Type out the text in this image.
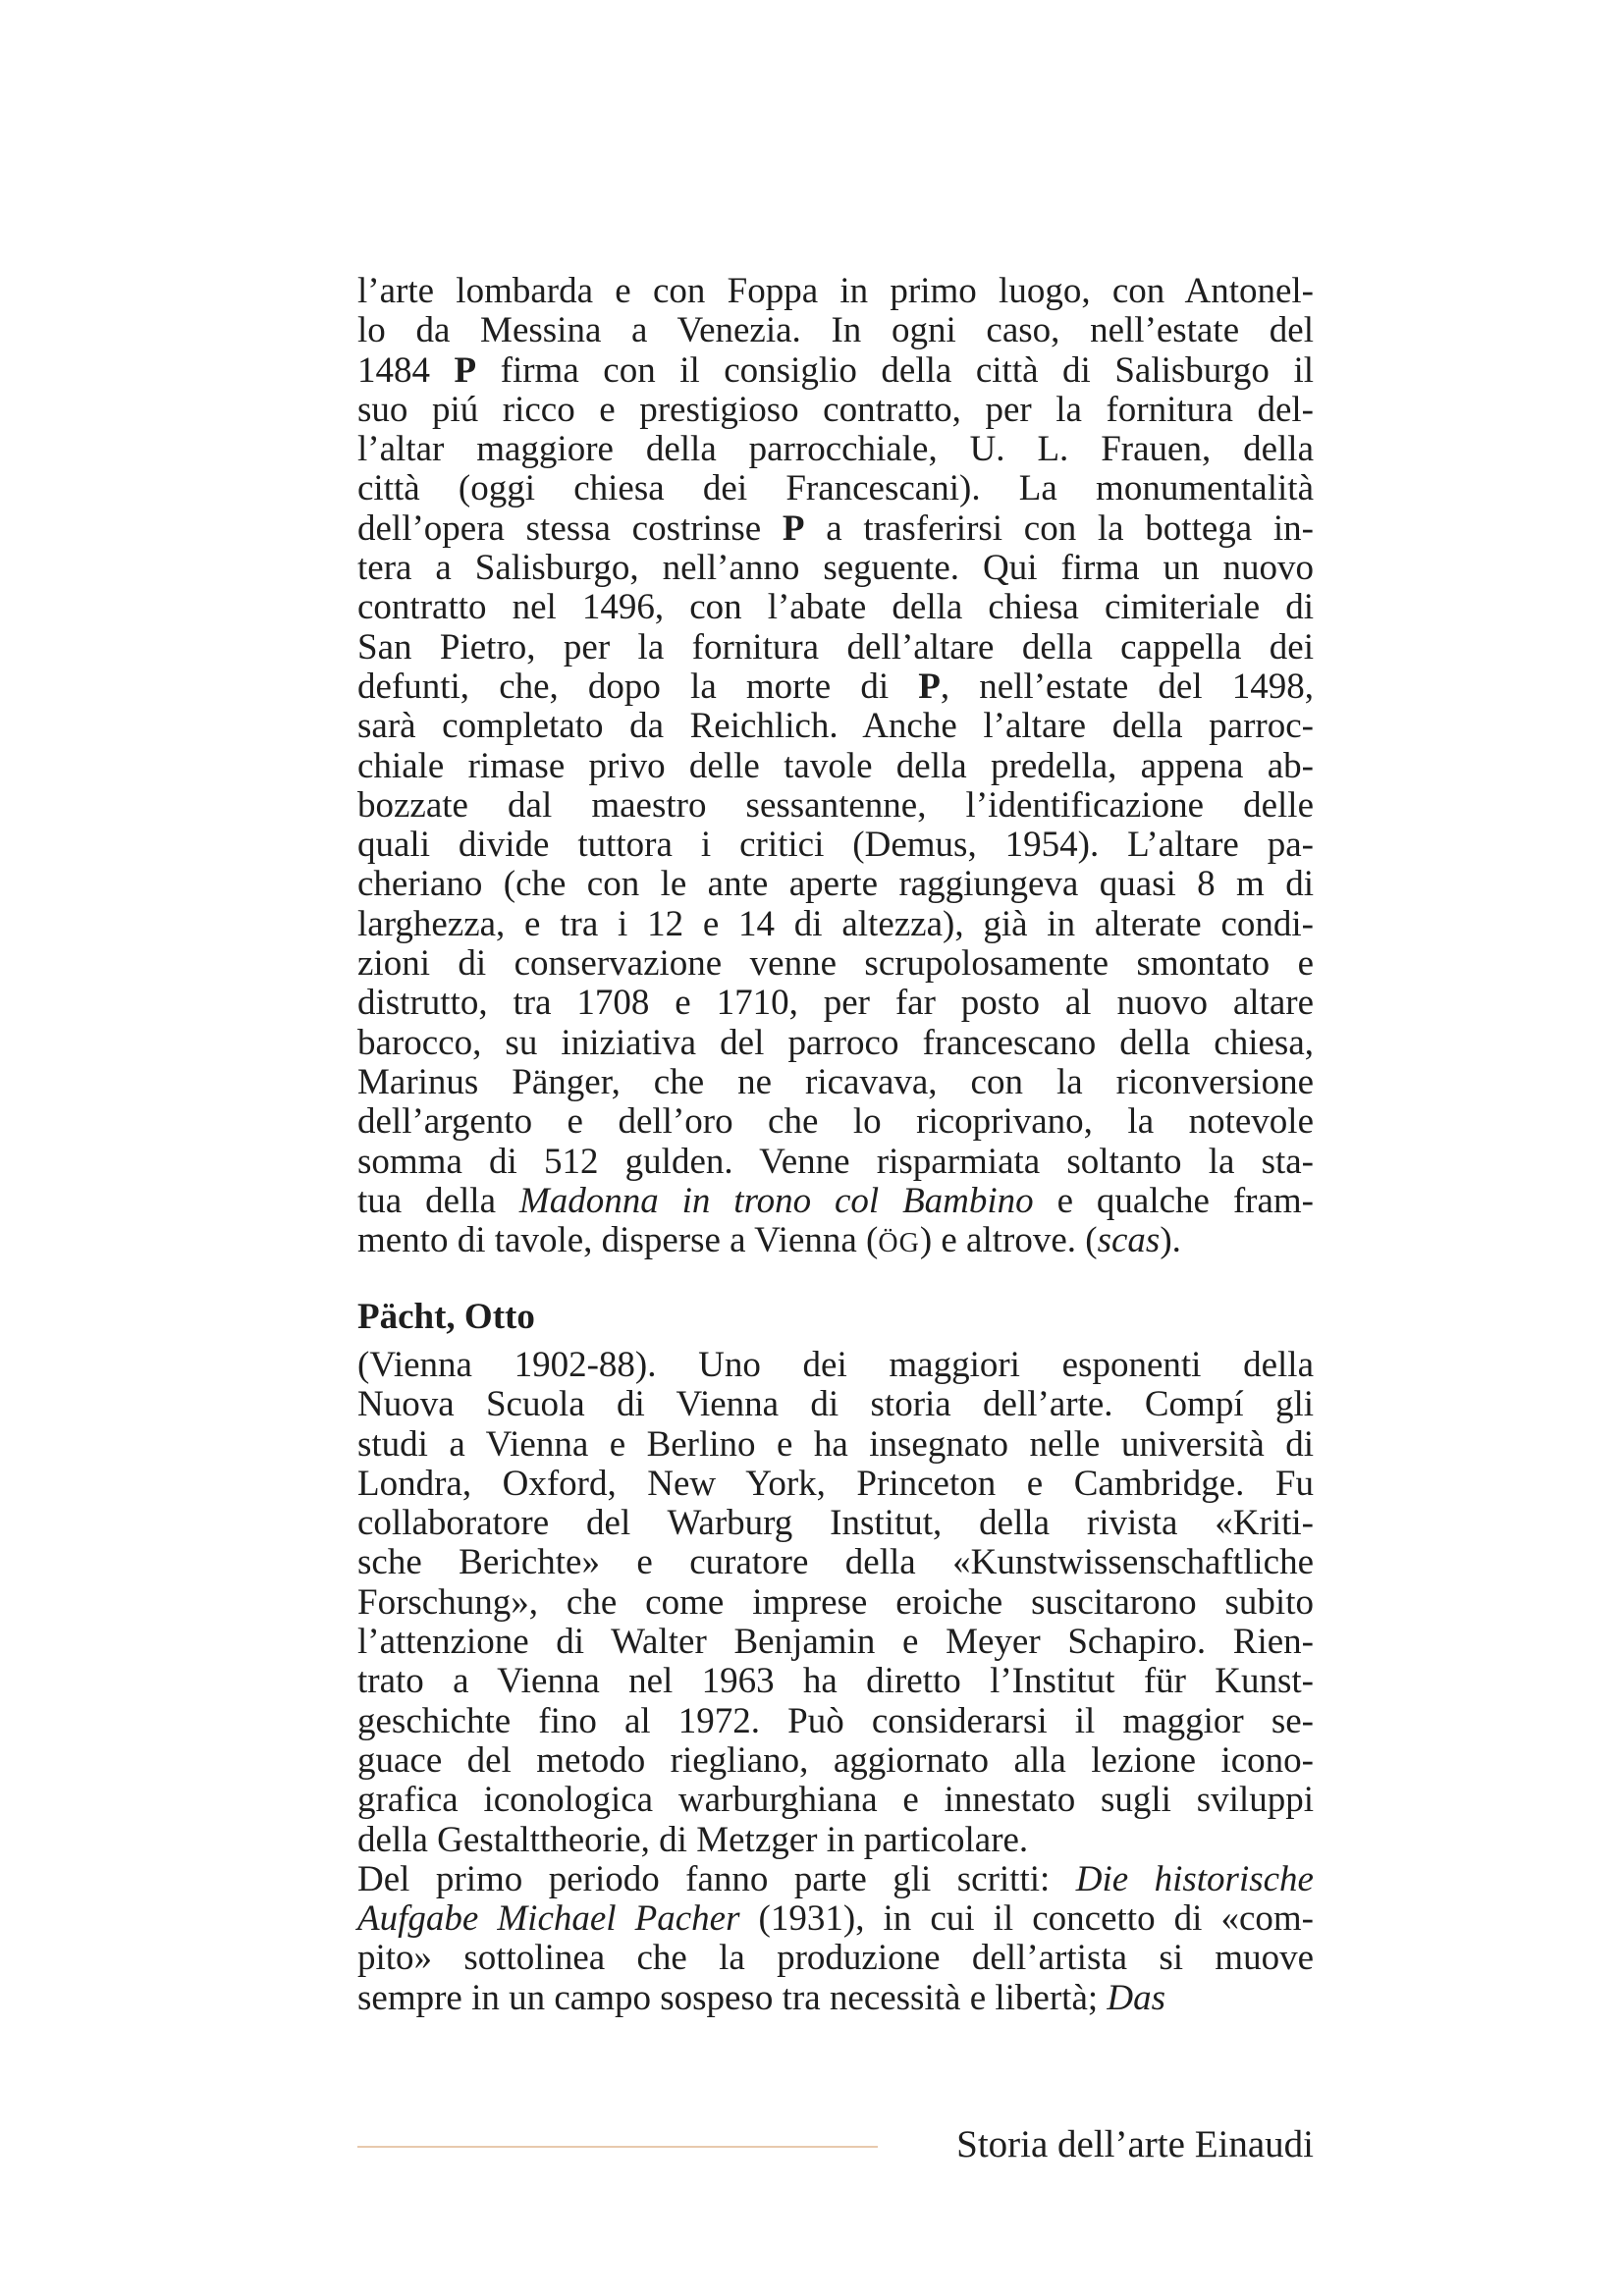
l’arte lombarda e con Foppa in primo luogo, con Antonel-
lo da Messina a Venezia. In ogni caso, nell’estate del
1484 P firma con il consiglio della città di Salisburgo il
suo piú ricco e prestigioso contratto, per la fornitura del-
l’altar maggiore della parrocchiale, U. L. Frauen, della
città (oggi chiesa dei Francescani). La monumentalità
dell’opera stessa costrinse P a trasferirsi con la bottega in-
tera a Salisburgo, nell’anno seguente. Qui firma un nuovo
contratto nel 1496, con l’abate della chiesa cimiteriale di
San Pietro, per la fornitura dell’altare della cappella dei
defunti, che, dopo la morte di P, nell’estate del 1498,
sarà completato da Reichlich. Anche l’altare della parroc-
chiale rimase privo delle tavole della predella, appena ab-
bozzate dal maestro sessantenne, l’identificazione delle
quali divide tuttora i critici (Demus, 1954). L’altare pa-
cheriano (che con le ante aperte raggiungeva quasi 8 m di
larghezza, e tra i 12 e 14 di altezza), già in alterate condi-
zioni di conservazione venne scrupolosamente smontato e
distrutto, tra 1708 e 1710, per far posto al nuovo altare
barocco, su iniziativa del parroco francescano della chiesa,
Marinus Pänger, che ne ricavava, con la riconversione
dell’argento e dell’oro che lo ricoprivano, la notevole
somma di 512 gulden. Venne risparmiata soltanto la sta-
tua della Madonna in trono col Bambino e qualche fram-
mento di tavole, disperse a Vienna (ÖG) e altrove. (scas).
Pächt, Otto
(Vienna 1902-88). Uno dei maggiori esponenti della
Nuova Scuola di Vienna di storia dell’arte. Compí gli
studi a Vienna e Berlino e ha insegnato nelle università di
Londra, Oxford, New York, Princeton e Cambridge. Fu
collaboratore del Warburg Institut, della rivista «Kriti-
sche Berichte» e curatore della «Kunstwissenschaftliche
Forschung», che come imprese eroiche suscitarono subito
l’attenzione di Walter Benjamin e Meyer Schapiro. Rien-
trato a Vienna nel 1963 ha diretto l’Institut für Kunst-
geschichte fino al 1972. Può considerarsi il maggior se-
guace del metodo riegliano, aggiornato alla lezione icono-
grafica iconologica warburghiana e innestato sugli sviluppi
della Gestalttheorie, di Metzger in particolare.
Del primo periodo fanno parte gli scritti: Die historische
Aufgabe Michael Pacher (1931), in cui il concetto di «com-
pito» sottolinea che la produzione dell’artista si muove
sempre in un campo sospeso tra necessità e libertà; Das
Storia dell’arte Einaudi
